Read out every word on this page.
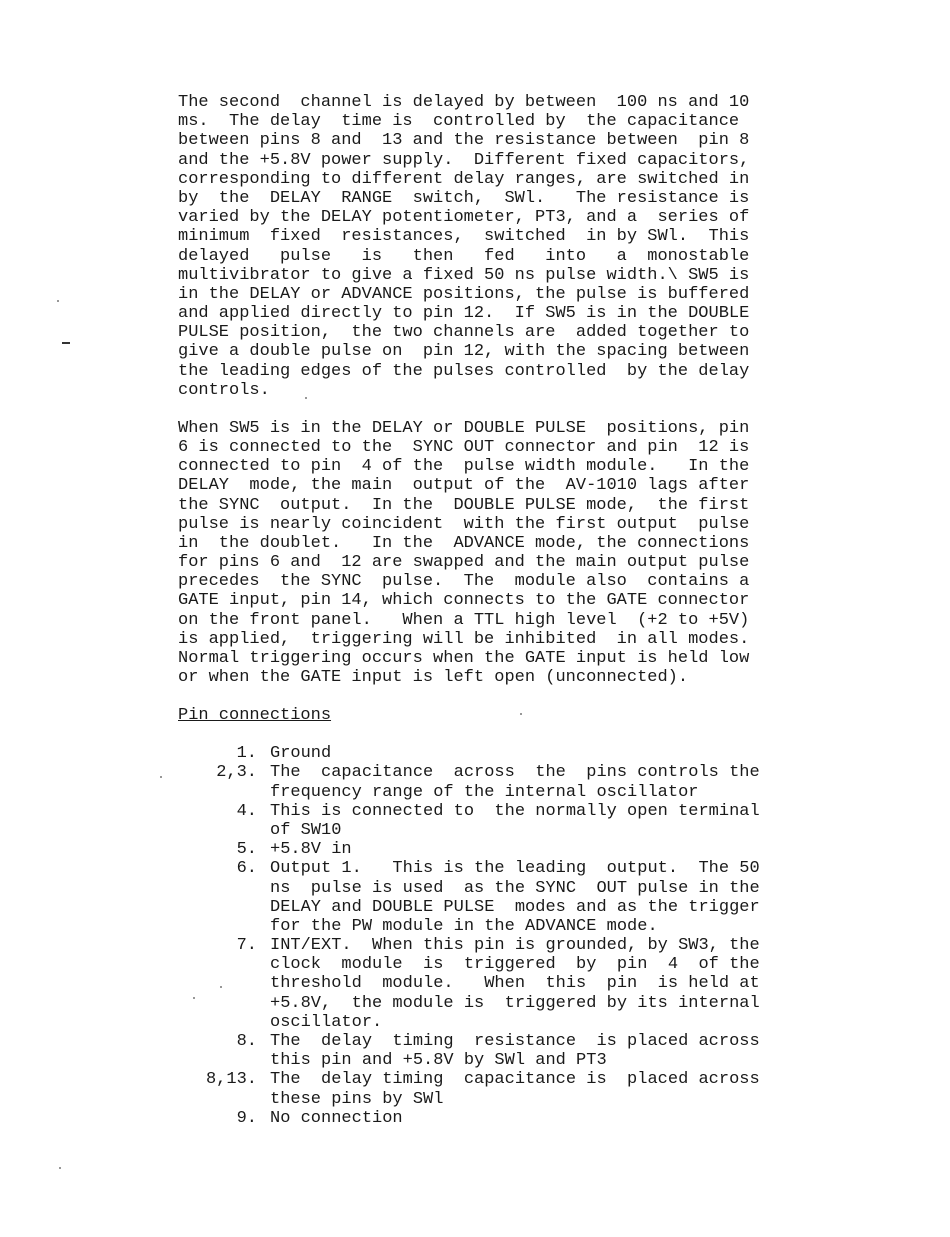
The second  channel is delayed by between  100 ns and 10
ms.  The delay  time is  controlled by  the capacitance
between pins 8 and  13 and the resistance between  pin 8
and the +5.8V power supply.  Different fixed capacitors,
corresponding to different delay ranges, are switched in
by  the  DELAY  RANGE  switch,  SWl.   The resistance is
varied by the DELAY potentiometer, PT3, and a  series of
minimum  fixed  resistances,  switched  in by SWl.  This
delayed   pulse   is   then   fed   into   a  monostable
multivibrator to give a fixed 50 ns pulse width.\ SW5 is
in the DELAY or ADVANCE positions, the pulse is buffered
and applied directly to pin 12.  If SW5 is in the DOUBLE
PULSE position,  the two channels are  added together to
give a double pulse on  pin 12, with the spacing between
the leading edges of the pulses controlled  by the delay
controls.
When SW5 is in the DELAY or DOUBLE PULSE  positions, pin
6 is connected to the  SYNC OUT connector and pin  12 is
connected to pin  4 of the  pulse width module.   In the
DELAY  mode, the main  output of the  AV-1010 lags after
the SYNC  output.  In the  DOUBLE PULSE mode,  the first
pulse is nearly coincident  with the first output  pulse
in  the doublet.   In the  ADVANCE mode, the connections
for pins 6 and  12 are swapped and the main output pulse
precedes  the SYNC  pulse.  The  module also  contains a
GATE input, pin 14, which connects to the GATE connector
on the front panel.   When a TTL high level  (+2 to +5V)
is applied,  triggering will be inhibited  in all modes.
Normal triggering occurs when the GATE input is held low
or when the GATE input is left open (unconnected).
Pin connections
1. Ground
2,3. The  capacitance  across  the  pins controls the
frequency range of the internal oscillator
4. This is connected to  the normally open terminal
of SW10
5. +5.8V in
6. Output 1.   This is the leading  output.  The 50
ns  pulse is used  as the SYNC  OUT pulse in the
DELAY and DOUBLE PULSE  modes and as the trigger
for the PW module in the ADVANCE mode.
7. INT/EXT.  When this pin is grounded, by SW3, the
clock  module  is  triggered  by  pin  4  of the
threshold  module.   When  this  pin  is held at
+5.8V,  the module is  triggered by its internal
oscillator.
8. The  delay  timing  resistance  is placed across
this pin and +5.8V by SWl and PT3
8,13. The  delay timing  capacitance is  placed across
these pins by SWl
9. No connection
